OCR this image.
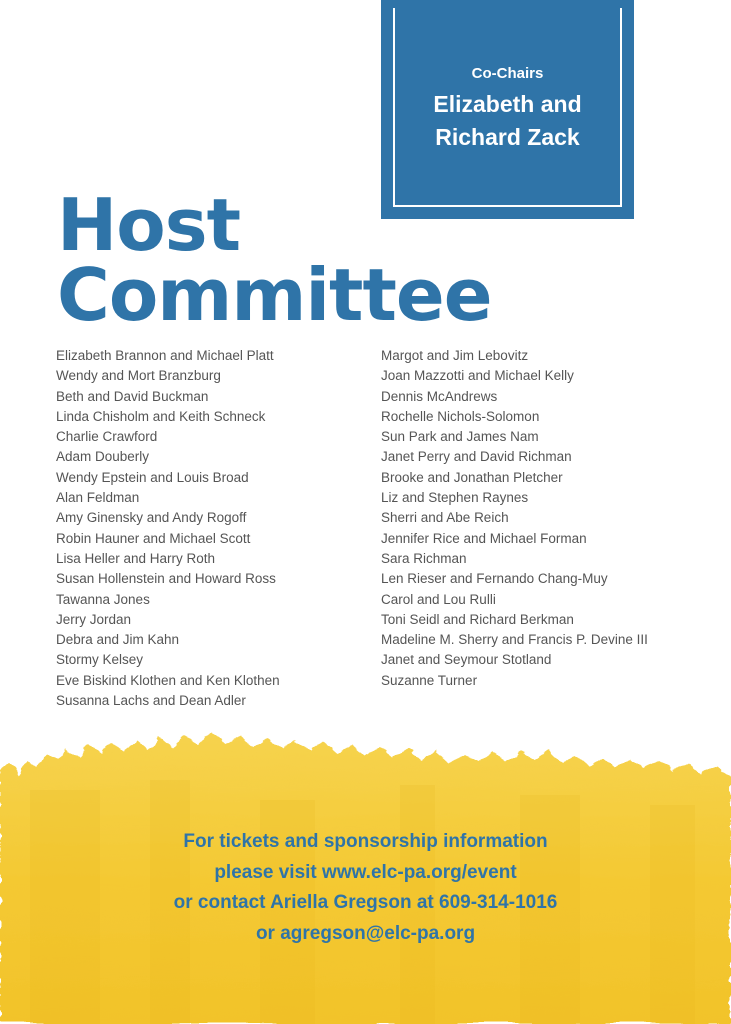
Co-Chairs
Elizabeth and
Richard Zack
Host
Committee
Elizabeth Brannon and Michael Platt
Wendy and Mort Branzburg
Beth and David Buckman
Linda Chisholm and Keith Schneck
Charlie Crawford
Adam Douberly
Wendy Epstein and Louis Broad
Alan Feldman
Amy Ginensky and Andy Rogoff
Robin Hauner and Michael Scott
Lisa Heller and Harry Roth
Susan Hollenstein and Howard Ross
Tawanna Jones
Jerry Jordan
Debra and Jim Kahn
Stormy Kelsey
Eve Biskind Klothen and Ken Klothen
Susanna Lachs and Dean Adler
Margot and Jim Lebovitz
Joan Mazzotti and Michael Kelly
Dennis McAndrews
Rochelle Nichols-Solomon
Sun Park and James Nam
Janet Perry and David Richman
Brooke and Jonathan Pletcher
Liz and Stephen Raynes
Sherri and Abe Reich
Jennifer Rice and Michael Forman
Sara Richman
Len Rieser and Fernando Chang-Muy
Carol and Lou Rulli
Toni Seidl and Richard Berkman
Madeline M. Sherry and Francis P. Devine III
Janet and Seymour Stotland
Suzanne Turner
For tickets and sponsorship information
please visit www.elc-pa.org/event
or contact Ariella Gregson at 609-314-1016
or agregson@elc-pa.org
